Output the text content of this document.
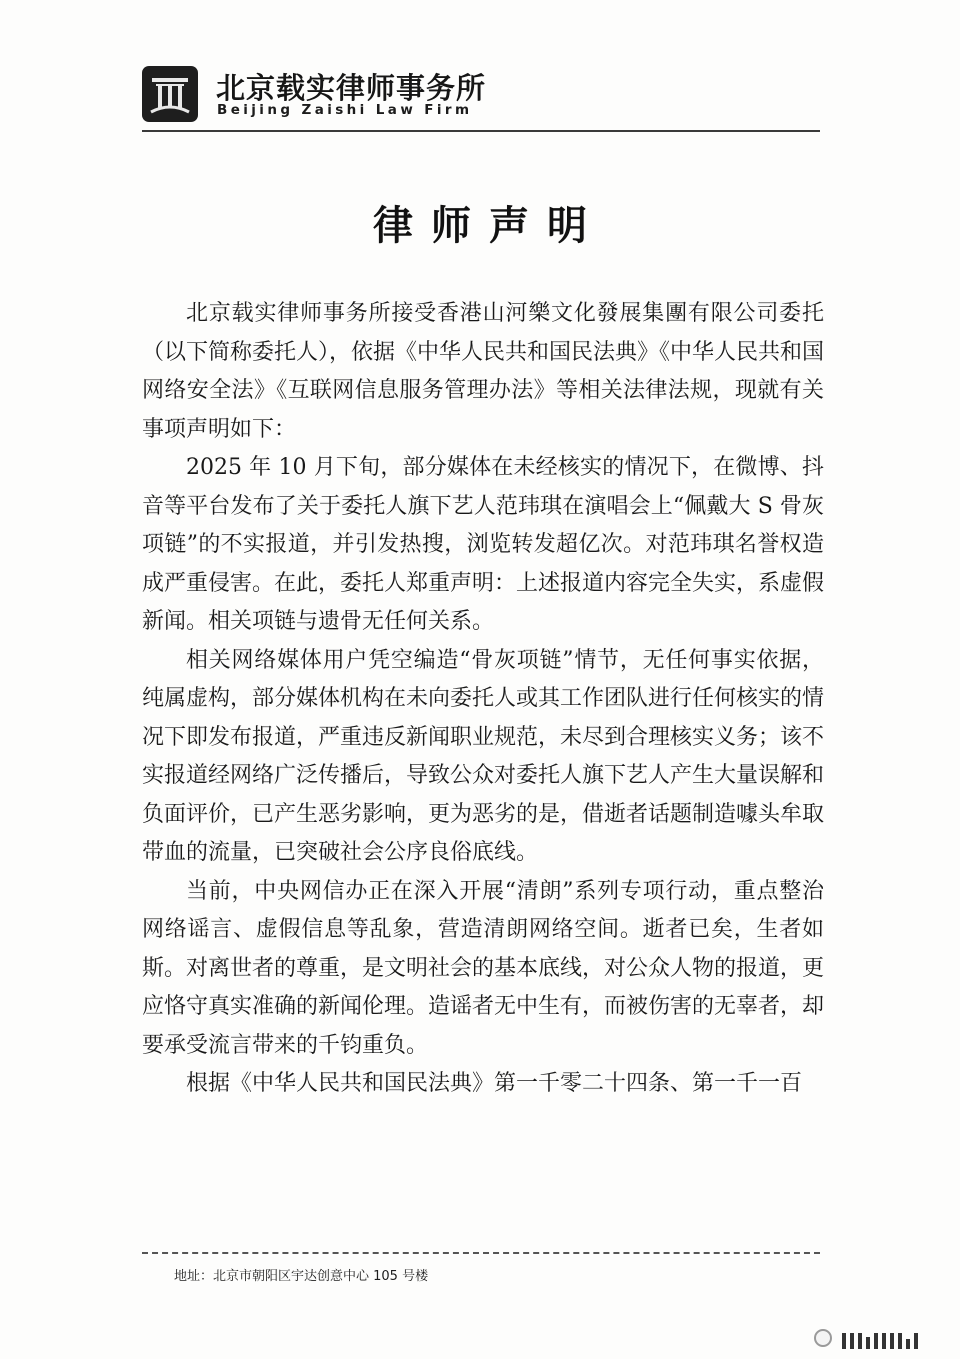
北京载实律师事务所
Beijing Zaishi Law Firm
律师声明

北京载实律师事务所接受香港山河樂文化發展集團有限公司委托（以下简称委托人），依据《中华人民共和国民法典》《中华人民共和国网络安全法》《互联网信息服务管理办法》等相关法律法规，现就有关事项声明如下：

2025 年 10 月下旬，部分媒体在未经核实的情况下，在微博、抖音等平台发布了关于委托人旗下艺人范玮琪在演唱会上“佩戴大 S 骨灰项链”的不实报道，并引发热搜，浏览转发超亿次。对范玮琪名誉权造成严重侵害。在此，委托人郑重声明：上述报道内容完全失实，系虚假新闻。相关项链与遗骨无任何关系。

相关网络媒体用户凭空编造“骨灰项链”情节，无任何事实依据，纯属虚构，部分媒体机构在未向委托人或其工作团队进行任何核实的情况下即发布报道，严重违反新闻职业规范，未尽到合理核实义务；该不实报道经网络广泛传播后，导致公众对委托人旗下艺人产生大量误解和负面评价，已产生恶劣影响，更为恶劣的是，借逝者话题制造噱头牟取带血的流量，已突破社会公序良俗底线。

当前，中央网信办正在深入开展“清朗”系列专项行动，重点整治网络谣言、虚假信息等乱象，营造清朗网络空间。逝者已矣，生者如斯。对离世者的尊重，是文明社会的基本底线，对公众人物的报道，更应恪守真实准确的新闻伦理。造谣者无中生有，而被伤害的无辜者，却要承受流言带来的千钧重负。

根据《中华人民共和国民法典》第一千零二十四条、第一千一百

地址：北京市朝阳区宇达创意中心 105 号楼
